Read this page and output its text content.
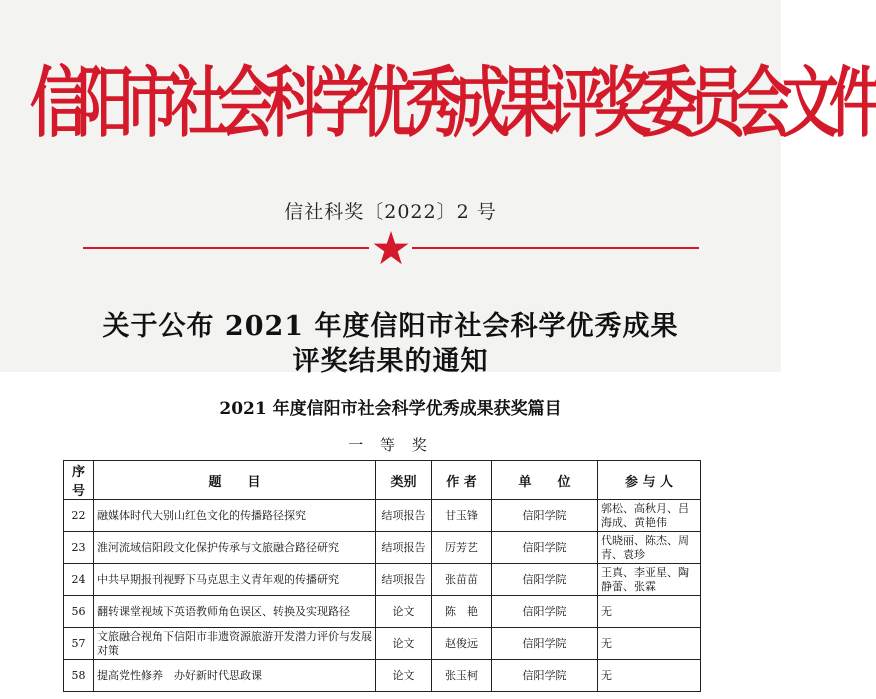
信阳市社会科学优秀成果评奖委员会文件
信社科奖〔2022〕2 号
关于公布 2021 年度信阳市社会科学优秀成果
评奖结果的通知
2021 年度信阳市社会科学优秀成果获奖篇目
一 等 奖
序号	题　　目	类别	作 者	单　　位	参 与 人
22	融媒体时代大别山红色文化的传播路径探究	结项报告	甘玉锋	信阳学院	郭松、高秋月、吕海成、黄艳伟
23	淮河流域信阳段文化保护传承与文旅融合路径研究	结项报告	厉芳艺	信阳学院	代晓丽、陈杰、周青、袁珍
24	中共早期报刊视野下马克思主义青年观的传播研究	结项报告	张苗苗	信阳学院	王真、李亚星、陶静蕾、张霖
56	翻转课堂视域下英语教师角色误区、转换及实现路径	论文	陈　艳	信阳学院	无
57	文旅融合视角下信阳市非遗资源旅游开发潜力评价与发展对策	论文	赵俊远	信阳学院	无
58	提高党性修养　办好新时代思政课	论文	张玉柯	信阳学院	无
